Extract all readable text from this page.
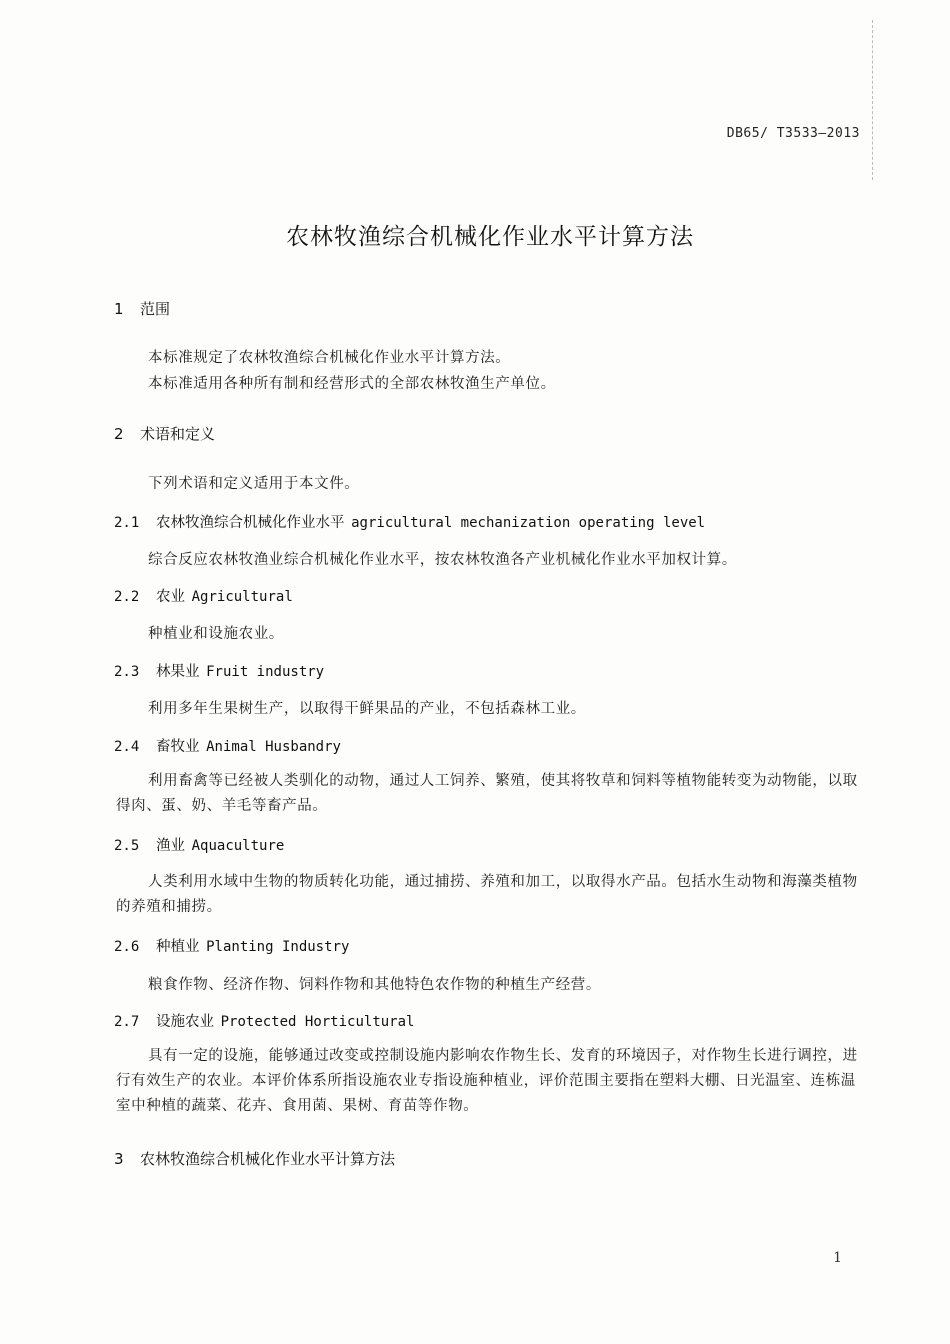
DB65/ T3533—2013
农林牧渔综合机械化作业水平计算方法
1 范围
本标准规定了农林牧渔综合机械化作业水平计算方法。
本标准适用各种所有制和经营形式的全部农林牧渔生产单位。
2 术语和定义
下列术语和定义适用于本文件。
2.1 农林牧渔综合机械化作业水平 agricultural mechanization operating level
综合反应农林牧渔业综合机械化作业水平，按农林牧渔各产业机械化作业水平加权计算。
2.2 农业 Agricultural
种植业和设施农业。
2.3 林果业 Fruit industry
利用多年生果树生产，以取得干鲜果品的产业，不包括森林工业。
2.4 畜牧业 Animal Husbandry
利用畜禽等已经被人类驯化的动物，通过人工饲养、繁殖，使其将牧草和饲料等植物能转变为动物能，以取得肉、蛋、奶、羊毛等畜产品。
2.5 渔业 Aquaculture
人类利用水域中生物的物质转化功能，通过捕捞、养殖和加工，以取得水产品。包括水生动物和海藻类植物的养殖和捕捞。
2.6 种植业 Planting Industry
粮食作物、经济作物、饲料作物和其他特色农作物的种植生产经营。
2.7 设施农业 Protected Horticultural
具有一定的设施，能够通过改变或控制设施内影响农作物生长、发育的环境因子，对作物生长进行调控，进行有效生产的农业。本评价体系所指设施农业专指设施种植业，评价范围主要指在塑料大棚、日光温室、连栋温室中种植的蔬菜、花卉、食用菌、果树、育苗等作物。
3 农林牧渔综合机械化作业水平计算方法
1
